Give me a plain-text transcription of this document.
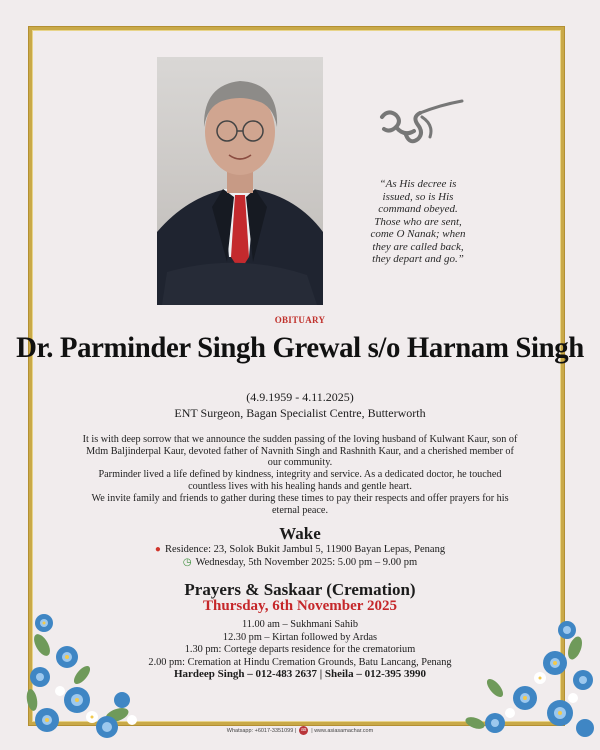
“As His decree is
issued, so is His
command obeyed.
Those who are sent,
come O Nanak; when
they are called back,
they depart and go.”
OBITUARY
Dr. Parminder Singh Grewal s/o Harnam Singh
(4.9.1959 - 4.11.2025)
ENT Surgeon, Bagan Specialist Centre, Butterworth
It is with deep sorrow that we announce the sudden passing of the loving husband of Kulwant Kaur, son of Mdm Baljinderpal Kaur, devoted father of Navnith Singh and Rashnith Kaur, and a cherished member of our community.
Parminder lived a life defined by kindness, integrity and service. As a dedicated doctor, he touched countless lives with his healing hands and gentle heart.
We invite family and friends to gather during these times to pay their respects and offer prayers for his eternal peace.
Wake
● Residence: 23, Solok Bukit Jambul 5, 11900 Bayan Lepas, Penang
◷ Wednesday, 5th November 2025: 5.00 pm – 9.00 pm
Prayers & Saskaar (Cremation)
Thursday, 6th November 2025
11.00 am – Sukhmani Sahib
12.30 pm – Kirtan followed by Ardas
1.30 pm: Cortege departs residence for the crematorium
2.00 pm: Cremation at Hindu Cremation Grounds, Batu Lancang, Penang
Hardeep Singh – 012-483 2637 | Sheila – 012-395 3990
Whatsapp: +6017-3351099 | as | www.asiasamachar.com
